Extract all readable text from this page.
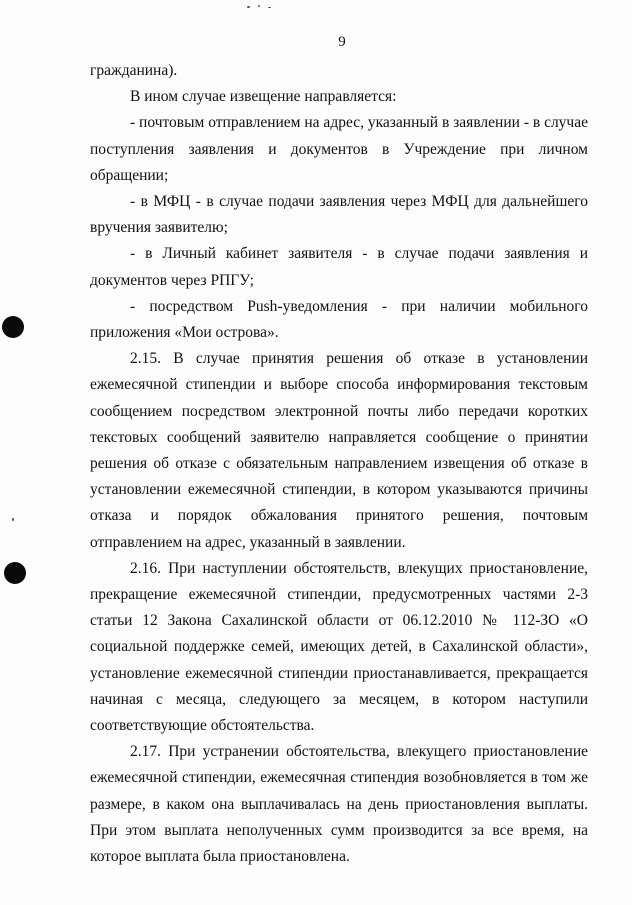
9

гражданина).

В ином случае извещение направляется:

- почтовым отправлением на адрес, указанный в заявлении - в случае поступления заявления и документов в Учреждение при личном обращении;

- в МФЦ - в случае подачи заявления через МФЦ для дальнейшего вручения заявителю;

- в Личный кабинет заявителя - в случае подачи заявления и документов через РПГУ;

- посредством Push-уведомления - при наличии мобильного приложения «Мои острова».

2.15. В случае принятия решения об отказе в установлении ежемесячной стипендии и выборе способа информирования текстовым сообщением посредством электронной почты либо передачи коротких текстовых сообщений заявителю направляется сообщение о принятии решения об отказе с обязательным направлением извещения об отказе в установлении ежемесячной стипендии, в котором указываются причины отказа и порядок обжалования принятого решения, почтовым отправлением на адрес, указанный в заявлении.

2.16. При наступлении обстоятельств, влекущих приостановление, прекращение ежемесячной стипендии, предусмотренных частями 2-3 статьи 12 Закона Сахалинской области от 06.12.2010 № 112-ЗО «О социальной поддержке семей, имеющих детей, в Сахалинской области», установление ежемесячной стипендии приостанавливается, прекращается начиная с месяца, следующего за месяцем, в котором наступили соответствующие обстоятельства.

2.17. При устранении обстоятельства, влекущего приостановление ежемесячной стипендии, ежемесячная стипендия возобновляется в том же размере, в каком она выплачивалась на день приостановления выплаты. При этом выплата неполученных сумм производится за все время, на которое выплата была приостановлена.
